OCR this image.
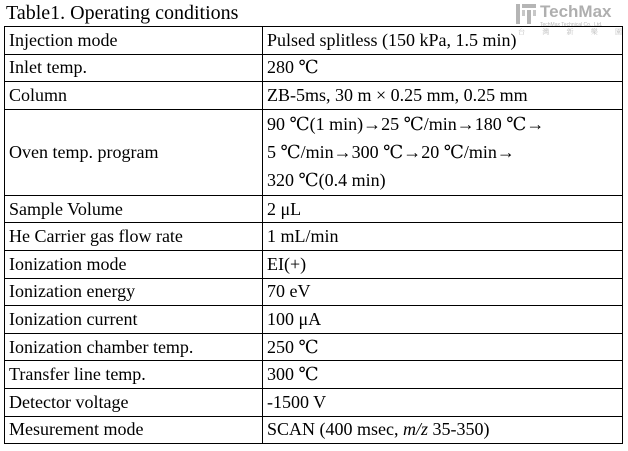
Table1. Operating conditions	TechMax
TechMax Technical Co., Ltd.
台 灣 新 樂 園
Injection mode	Pulsed splitless (150 kPa, 1.5 min)
Inlet temp.	280 ℃
Column	ZB-5ms, 30 m × 0.25 mm, 0.25 mm
Oven temp. program	90 ℃(1 min)→25 ℃/min→180 ℃→
5 ℃/min→300 ℃→20 ℃/min→
320 ℃(0.4 min)

Sample Volume	2 μL
He Carrier gas flow rate	1 mL/min
Ionization mode	EI(+)
Ionization energy	70 eV
Ionization current	100 μA
Ionization chamber temp.	250 ℃
Transfer line temp.	300 ℃
Detector voltage	-1500 V
Mesurement mode	SCAN (400 msec, m/z 35-350)
